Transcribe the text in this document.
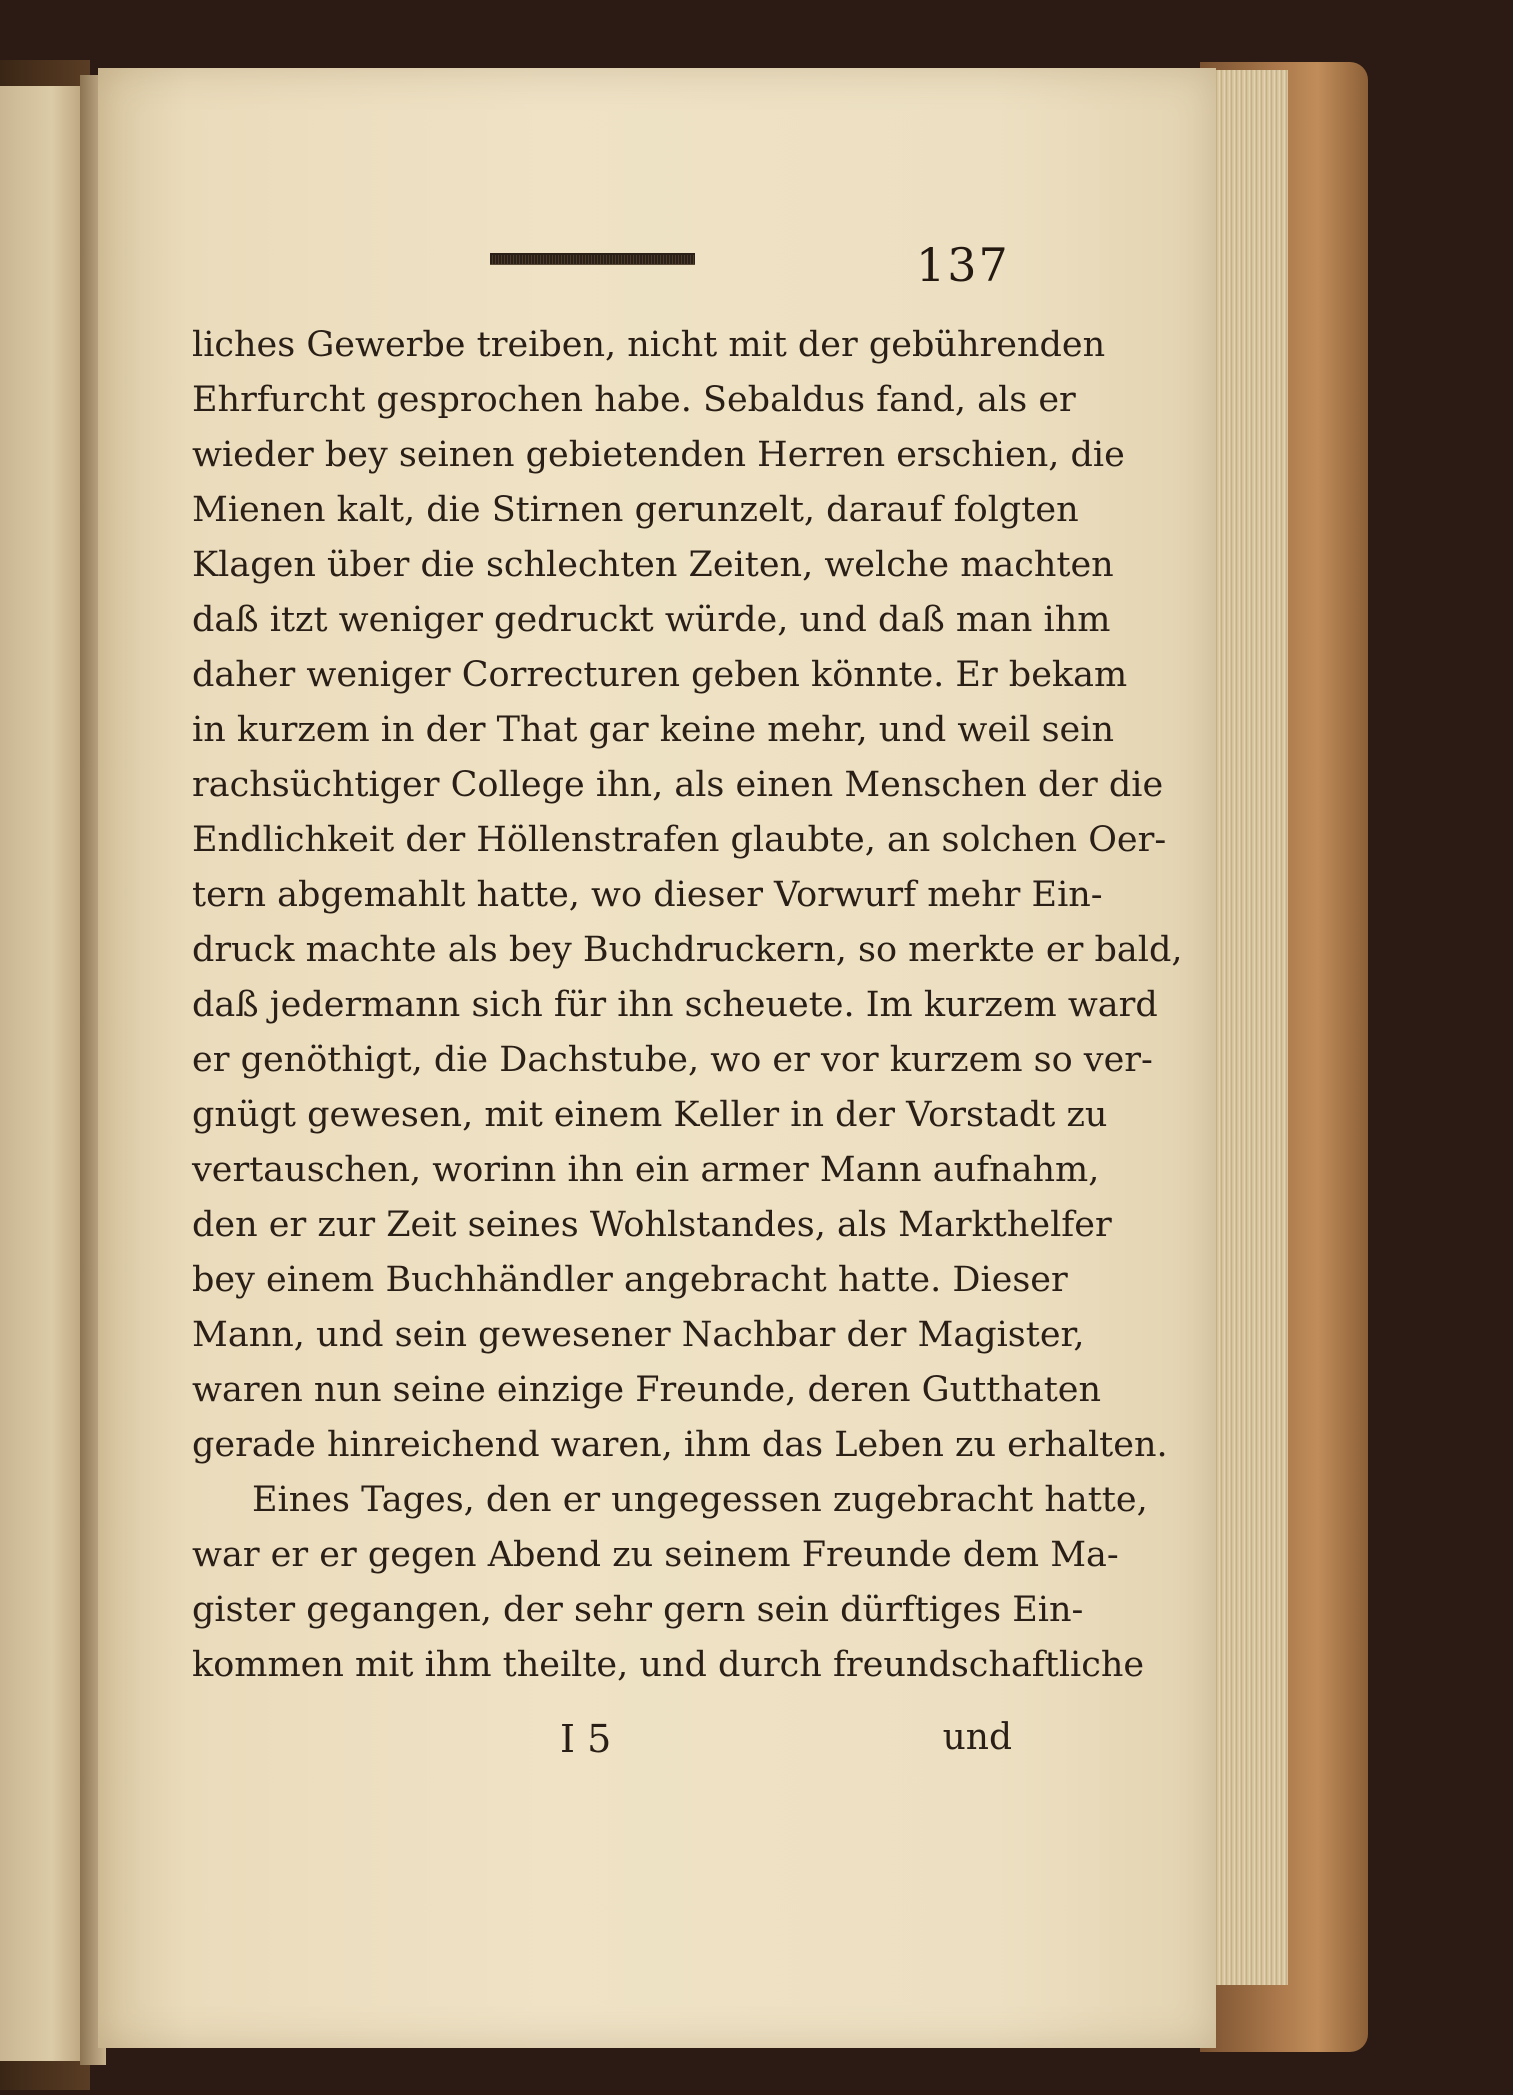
137
liches Gewerbe treiben, nicht mit der gebührenden
Ehrfurcht gesprochen habe. Sebaldus fand, als er
wieder bey seinen gebietenden Herren erschien, die
Mienen kalt, die Stirnen gerunzelt, darauf folgten
Klagen über die schlechten Zeiten, welche machten
daß itzt weniger gedruckt würde, und daß man ihm
daher weniger Correcturen geben könnte. Er bekam
in kurzem in der That gar keine mehr, und weil sein
rachsüchtiger College ihn, als einen Menschen der die
Endlichkeit der Höllenstrafen glaubte, an solchen Oer-
tern abgemahlt hatte, wo dieser Vorwurf mehr Ein-
druck machte als bey Buchdruckern, so merkte er bald,
daß jedermann sich für ihn scheuete. Im kurzem ward
er genöthigt, die Dachstube, wo er vor kurzem so ver-
gnügt gewesen, mit einem Keller in der Vorstadt zu
vertauschen, worinn ihn ein armer Mann aufnahm,
den er zur Zeit seines Wohlstandes, als Markthelfer
bey einem Buchhändler angebracht hatte. Dieser
Mann, und sein gewesener Nachbar der Magister,
waren nun seine einzige Freunde, deren Gutthaten
gerade hinreichend waren, ihm das Leben zu erhalten.
Eines Tages, den er ungegessen zugebracht hatte,
war er er gegen Abend zu seinem Freunde dem Ma-
gister gegangen, der sehr gern sein dürftiges Ein-
kommen mit ihm theilte, und durch freundschaftliche
I 5	und
